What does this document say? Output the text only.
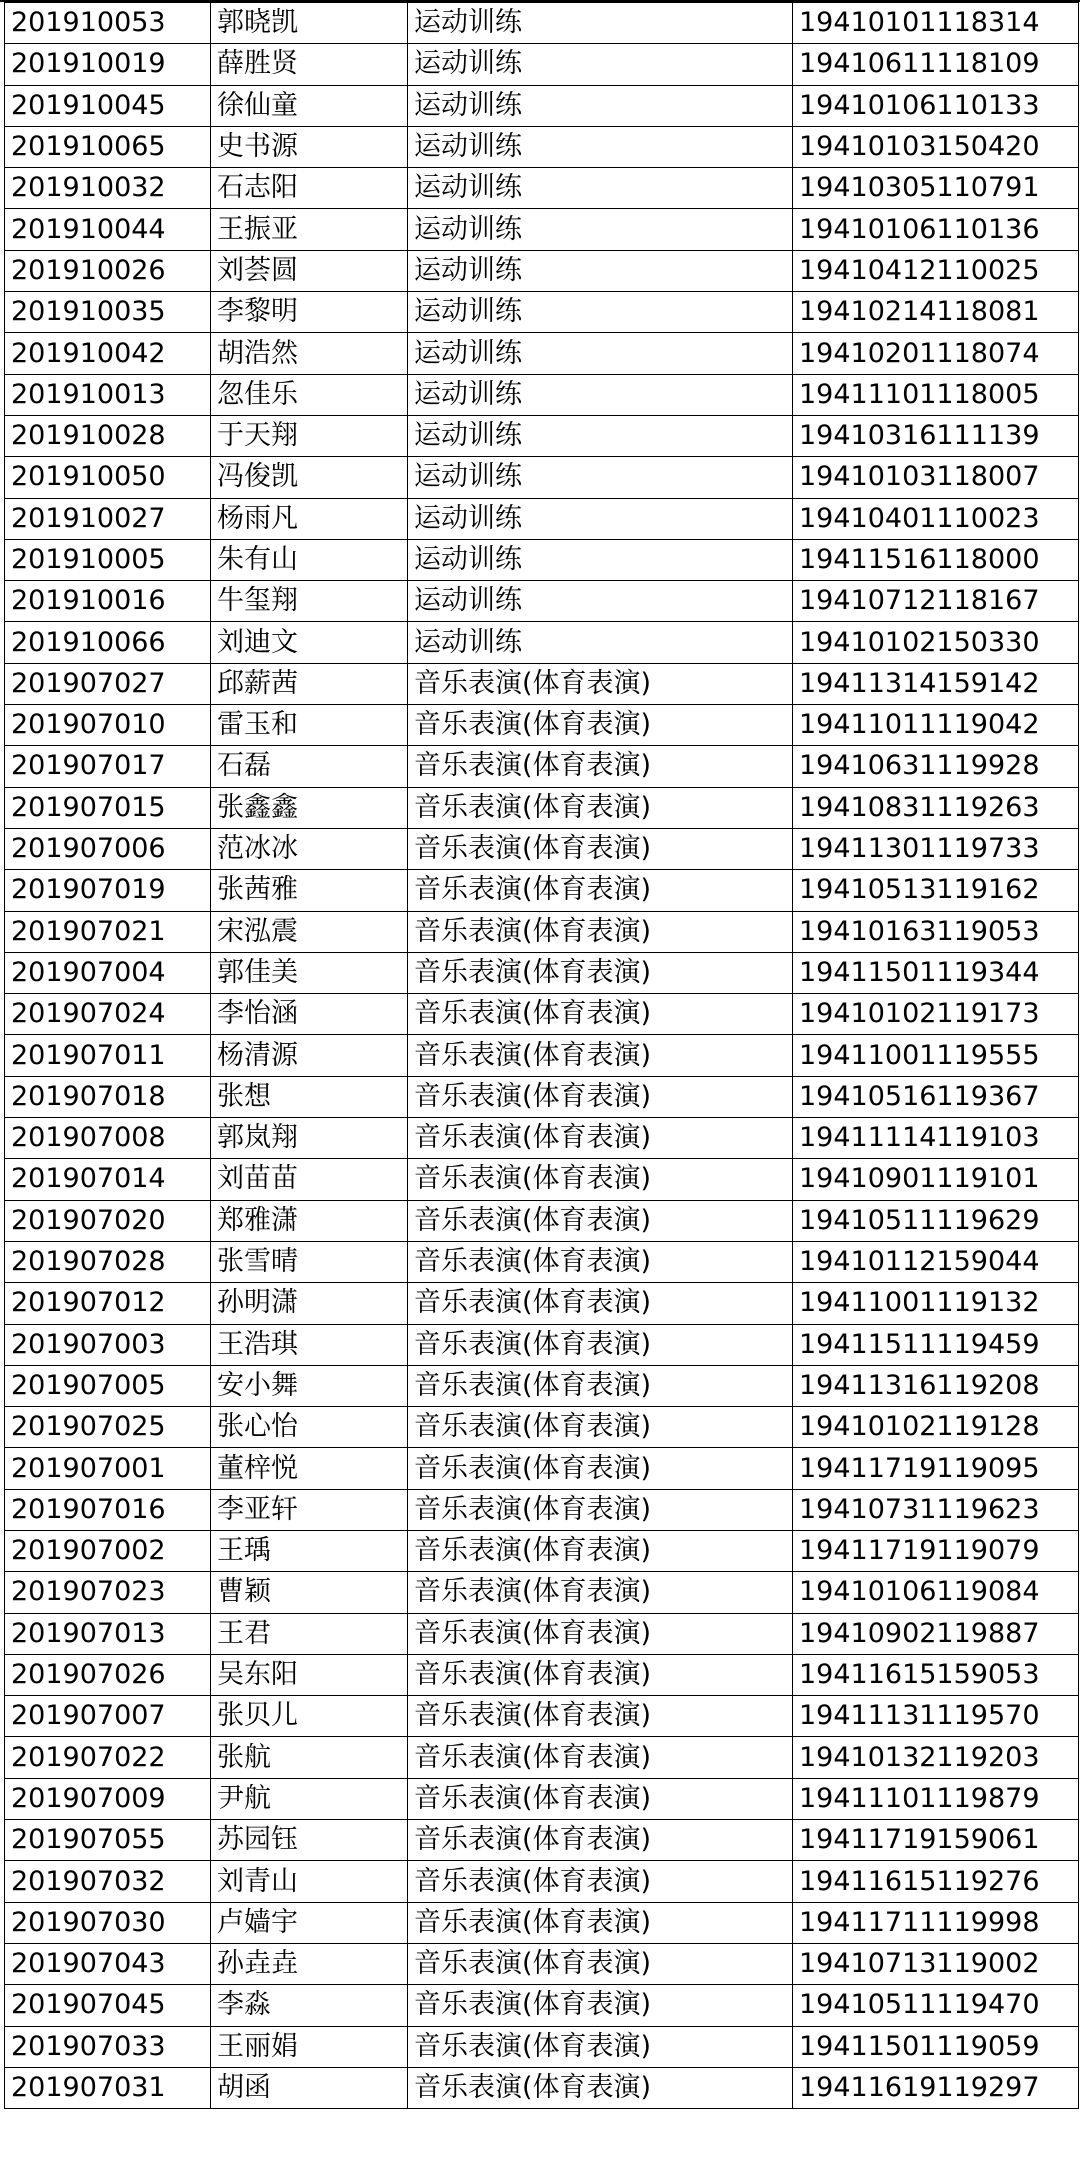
201910053	郭晓凯	运动训练	19410101118314
201910019	薛胜贤	运动训练	19410611118109
201910045	徐仙童	运动训练	19410106110133
201910065	史书源	运动训练	19410103150420
201910032	石志阳	运动训练	19410305110791
201910044	王振亚	运动训练	19410106110136
201910026	刘荟圆	运动训练	19410412110025
201910035	李黎明	运动训练	19410214118081
201910042	胡浩然	运动训练	19410201118074
201910013	忽佳乐	运动训练	19411101118005
201910028	于天翔	运动训练	19410316111139
201910050	冯俊凯	运动训练	19410103118007
201910027	杨雨凡	运动训练	19410401110023
201910005	朱有山	运动训练	19411516118000
201910016	牛玺翔	运动训练	19410712118167
201910066	刘迪文	运动训练	19410102150330
201907027	邱薪茜	音乐表演(体育表演)	19411314159142
201907010	雷玉和	音乐表演(体育表演)	19411011119042
201907017	石磊	音乐表演(体育表演)	19410631119928
201907015	张鑫鑫	音乐表演(体育表演)	19410831119263
201907006	范冰冰	音乐表演(体育表演)	19411301119733
201907019	张茜雅	音乐表演(体育表演)	19410513119162
201907021	宋泓震	音乐表演(体育表演)	19410163119053
201907004	郭佳美	音乐表演(体育表演)	19411501119344
201907024	李怡涵	音乐表演(体育表演)	19410102119173
201907011	杨清源	音乐表演(体育表演)	19411001119555
201907018	张想	音乐表演(体育表演)	19410516119367
201907008	郭岚翔	音乐表演(体育表演)	19411114119103
201907014	刘苗苗	音乐表演(体育表演)	19410901119101
201907020	郑雅潇	音乐表演(体育表演)	19410511119629
201907028	张雪晴	音乐表演(体育表演)	19410112159044
201907012	孙明潇	音乐表演(体育表演)	19411001119132
201907003	王浩琪	音乐表演(体育表演)	19411511119459
201907005	安小舞	音乐表演(体育表演)	19411316119208
201907025	张心怡	音乐表演(体育表演)	19410102119128
201907001	董梓悦	音乐表演(体育表演)	19411719119095
201907016	李亚轩	音乐表演(体育表演)	19410731119623
201907002	王瑀	音乐表演(体育表演)	19411719119079
201907023	曹颖	音乐表演(体育表演)	19410106119084
201907013	王君	音乐表演(体育表演)	19410902119887
201907026	吴东阳	音乐表演(体育表演)	19411615159053
201907007	张贝儿	音乐表演(体育表演)	19411131119570
201907022	张航	音乐表演(体育表演)	19410132119203
201907009	尹航	音乐表演(体育表演)	19411101119879
201907055	苏园钰	音乐表演(体育表演)	19411719159061
201907032	刘青山	音乐表演(体育表演)	19411615119276
201907030	卢嫱宇	音乐表演(体育表演)	19411711119998
201907043	孙垚垚	音乐表演(体育表演)	19410713119002
201907045	李淼	音乐表演(体育表演)	19410511119470
201907033	王丽娟	音乐表演(体育表演)	19411501119059
201907031	胡函	音乐表演(体育表演)	19411619119297
